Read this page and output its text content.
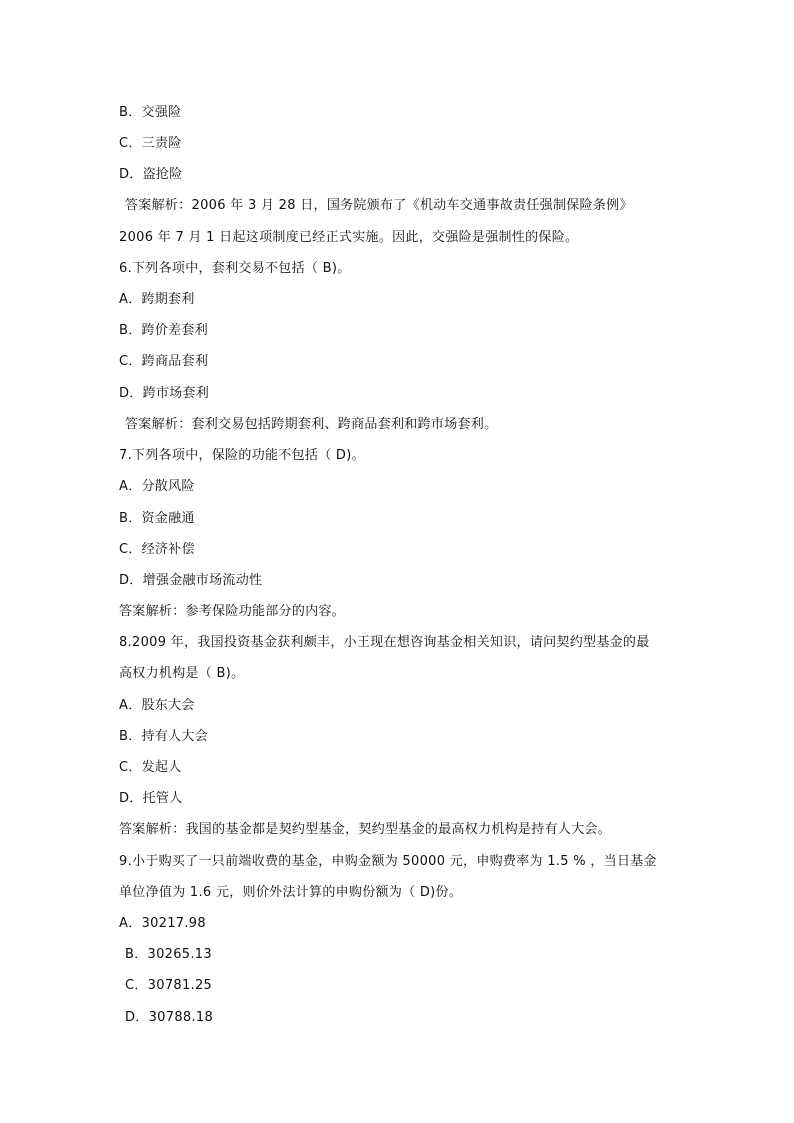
B．交强险
C．三责险
D．盗抢险
答案解析：2006 年 3 月 28 日，国务院颁布了《机动车交通事故责任强制保险条例》
2006 年 7 月 1 日起这项制度已经正式实施。因此，交强险是强制性的保险。
6.下列各项中，套利交易不包括（ B)。
A．跨期套利
B．跨价差套利
C．跨商品套利
D．跨市场套利
答案解析：套利交易包括跨期套利、跨商品套利和跨市场套利。
7.下列各项中，保险的功能不包括（ D)。
A．分散风险
B．资金融通
C．经济补偿
D．增强金融市场流动性
答案解析：参考保险功能部分的内容。
8.2009 年，我国投资基金获利颇丰，小王现在想咨询基金相关知识，请问契约型基金的最
高权力机构是（ B)。
A．股东大会
B．持有人大会
C．发起人
D．托管人
答案解析：我国的基金都是契约型基金，契约型基金的最高权力机构是持有人大会。
9.小于购买了一只前端收费的基金，申购金额为 50000 元，申购费率为 1.5 % ，当日基金
单位净值为 1.6 元，则价外法计算的申购份额为（ D)份。
A．30217.98
B．30265.13
C．30781.25
D．30788.18
